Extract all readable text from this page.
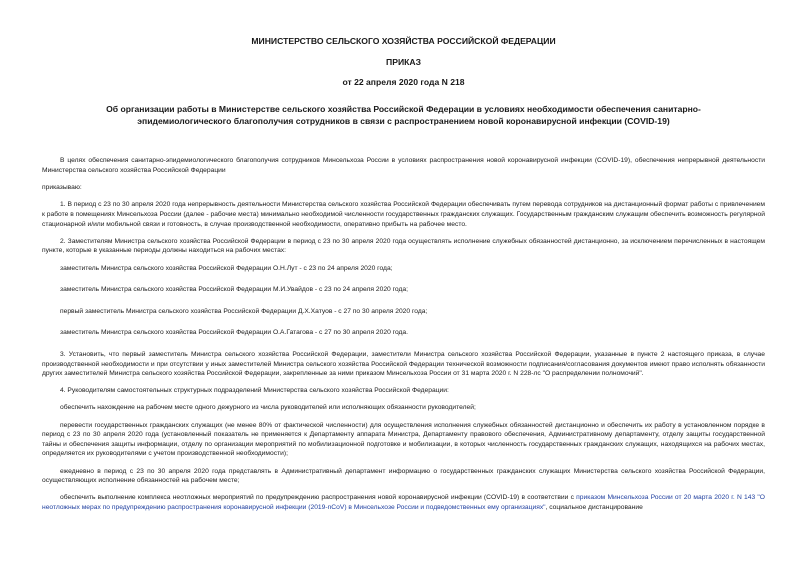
МИНИСТЕРСТВО СЕЛЬСКОГО ХОЗЯЙСТВА РОССИЙСКОЙ ФЕДЕРАЦИИ
ПРИКАЗ
от 22 апреля 2020 года N 218
Об организации работы в Министерстве сельского хозяйства Российской Федерации в условиях необходимости обеспечения санитарно-эпидемиологического благополучия сотрудников в связи с распространением новой коронавирусной инфекции (COVID-19)

В целях обеспечения санитарно-эпидемиологического благополучия сотрудников Минсельхоза России в условиях распространения новой коронавирусной инфекции (COVID-19), обеспечения непрерывной деятельности Министерства сельского хозяйства Российской Федерации

приказываю:

1. В период с 23 по 30 апреля 2020 года непрерывность деятельности Министерства сельского хозяйства Российской Федерации обеспечивать путем перевода сотрудников на дистанционный формат работы с привлечением к работе в помещениях Минсельхоза России (далее - рабочие места) минимально необходимой численности государственных гражданских служащих. Государственным гражданским служащим обеспечить возможность регулярной стационарной и/или мобильной связи и готовность, в случае производственной необходимости, оперативно прибыть на рабочее место.

2. Заместителям Министра сельского хозяйства Российской Федерации в период с 23 по 30 апреля 2020 года осуществлять исполнение служебных обязанностей дистанционно, за исключением перечисленных в настоящем пункте, которые в указанные периоды должны находиться на рабочих местах:

заместитель Министра сельского хозяйства Российской Федерации О.Н.Лут - с 23 по 24 апреля 2020 года;

заместитель Министра сельского хозяйства Российской Федерации М.И.Увайдов - с 23 по 24 апреля 2020 года;

первый заместитель Министра сельского хозяйства Российской Федерации Д.Х.Хатуов - с 27 по 30 апреля 2020 года;

заместитель Министра сельского хозяйства Российской Федерации О.А.Гатагова - с 27 по 30 апреля 2020 года.

3. Установить, что первый заместитель Министра сельского хозяйства Российской Федерации, заместители Министра сельского хозяйства Российской Федерации, указанные в пункте 2 настоящего приказа, в случае производственной необходимости и при отсутствии у иных заместителей Министра сельского хозяйства Российской Федерации технической возможности подписания/согласования документов имеют право исполнять обязанности других заместителей Министра сельского хозяйства Российской Федерации, закрепленные за ними приказом Минсельхоза России от 31 марта 2020 г. N 228-лс "О распределении полномочий".

4. Руководителям самостоятельных структурных подразделений Министерства сельского хозяйства Российской Федерации:

обеспечить нахождение на рабочем месте одного дежурного из числа руководителей или исполняющих обязанности руководителей;

перевести государственных гражданских служащих (не менее 80% от фактической численности) для осуществления исполнения служебных обязанностей дистанционно и обеспечить их работу в установленном порядке в период с 23 по 30 апреля 2020 года (установленный показатель не применяется к Департаменту аппарата Министра, Департаменту правового обеспечения, Административному департаменту, отделу защиты государственной тайны и обеспечения защиты информации, отделу по организации мероприятий по мобилизационной подготовке и мобилизации, в которых численность государственных гражданских служащих, находящихся на рабочих местах, определяется их руководителями с учетом производственной необходимости);

ежедневно в период с 23 по 30 апреля 2020 года представлять в Административный департамент информацию о государственных гражданских служащих Министерства сельского хозяйства Российской Федерации, осуществляющих исполнение обязанностей на рабочем месте;

обеспечить выполнение комплекса неотложных мероприятий по предупреждению распространения новой коронавирусной инфекции (COVID-19) в соответствии с приказом Минсельхоза России от 20 марта 2020 г. N 143 "О неотложных мерах по предупреждению распространения коронавирусной инфекции (2019-nCoV) в Минсельхозе России и подведомственных ему организациях", социальное дистанцирование
